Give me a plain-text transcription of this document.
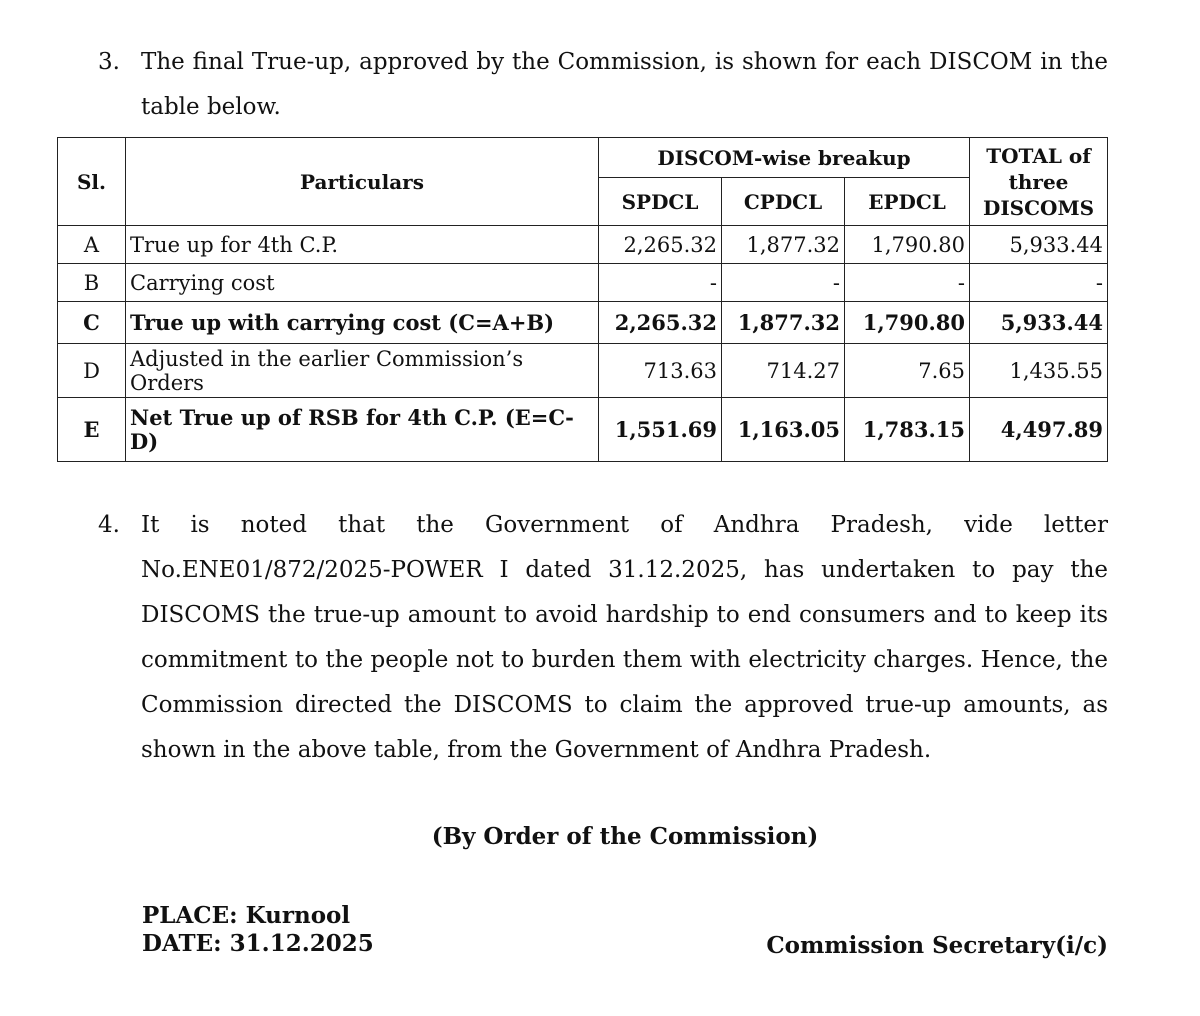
3. The final True-up, approved by the Commission, is shown for each DISCOM in the table below.
Sl.	Particulars	DISCOM-wise breakup			TOTAL of three DISCOMS
		SPDCL	CPDCL	EPDCL	
A	True up for 4th C.P.	2,265.32	1,877.32	1,790.80	5,933.44
B	Carrying cost	-	-	-	-
C	True up with carrying cost (C=A+B)	2,265.32	1,877.32	1,790.80	5,933.44
D	Adjusted in the earlier Commission’s Orders	713.63	714.27	7.65	1,435.55
E	Net True up of RSB for 4th C.P. (E=C-D)	1,551.69	1,163.05	1,783.15	4,497.89
4. It is noted that the Government of Andhra Pradesh, vide letter No.ENE01/872/2025-POWER I dated 31.12.2025, has undertaken to pay the DISCOMS the true-up amount to avoid hardship to end consumers and to keep its commitment to the people not to burden them with electricity charges. Hence, the Commission directed the DISCOMS to claim the approved true-up amounts, as shown in the above table, from the Government of Andhra Pradesh.
(By Order of the Commission)
PLACE: Kurnool
DATE: 31.12.2025	Commission Secretary(i/c)
